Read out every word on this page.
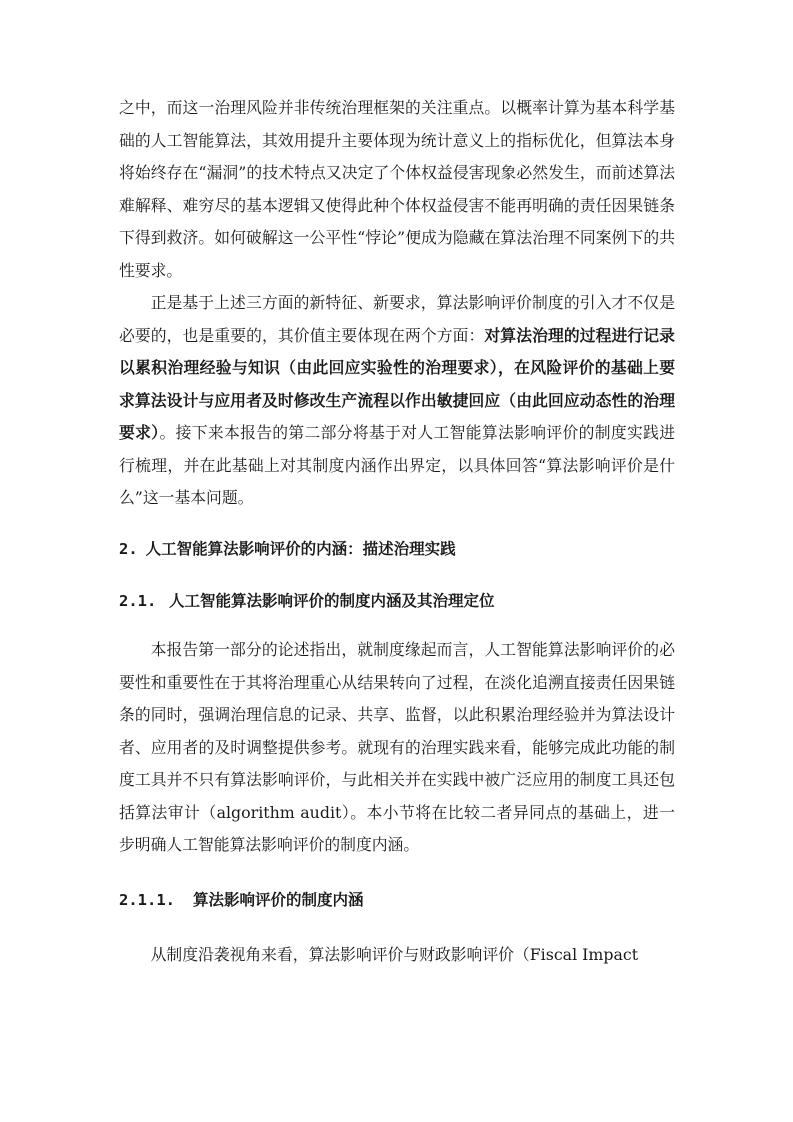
之中，而这一治理风险并非传统治理框架的关注重点。以概率计算为基本科学基础的人工智能算法，其效用提升主要体现为统计意义上的指标优化，但算法本身将始终存在“漏洞”的技术特点又决定了个体权益侵害现象必然发生，而前述算法难解释、难穷尽的基本逻辑又使得此种个体权益侵害不能再明确的责任因果链条下得到救济。如何破解这一公平性“悖论”便成为隐藏在算法治理不同案例下的共性要求。

正是基于上述三方面的新特征、新要求，算法影响评价制度的引入才不仅是必要的，也是重要的，其价值主要体现在两个方面：对算法治理的过程进行记录以累积治理经验与知识（由此回应实验性的治理要求），在风险评价的基础上要求算法设计与应用者及时修改生产流程以作出敏捷回应（由此回应动态性的治理要求）。接下来本报告的第二部分将基于对人工智能算法影响评价的制度实践进行梳理，并在此基础上对其制度内涵作出界定，以具体回答“算法影响评价是什么”这一基本问题。

2. 人工智能算法影响评价的内涵：描述治理实践
2.1. 人工智能算法影响评价的制度内涵及其治理定位

本报告第一部分的论述指出，就制度缘起而言，人工智能算法影响评价的必要性和重要性在于其将治理重心从结果转向了过程，在淡化追溯直接责任因果链条的同时，强调治理信息的记录、共享、监督，以此积累治理经验并为算法设计者、应用者的及时调整提供参考。就现有的治理实践来看，能够完成此功能的制度工具并不只有算法影响评价，与此相关并在实践中被广泛应用的制度工具还包括算法审计（algorithm audit）。本小节将在比较二者异同点的基础上，进一步明确人工智能算法影响评价的制度内涵。

2.1.1. 算法影响评价的制度内涵

从制度沿袭视角来看，算法影响评价与财政影响评价（Fiscal Impact
